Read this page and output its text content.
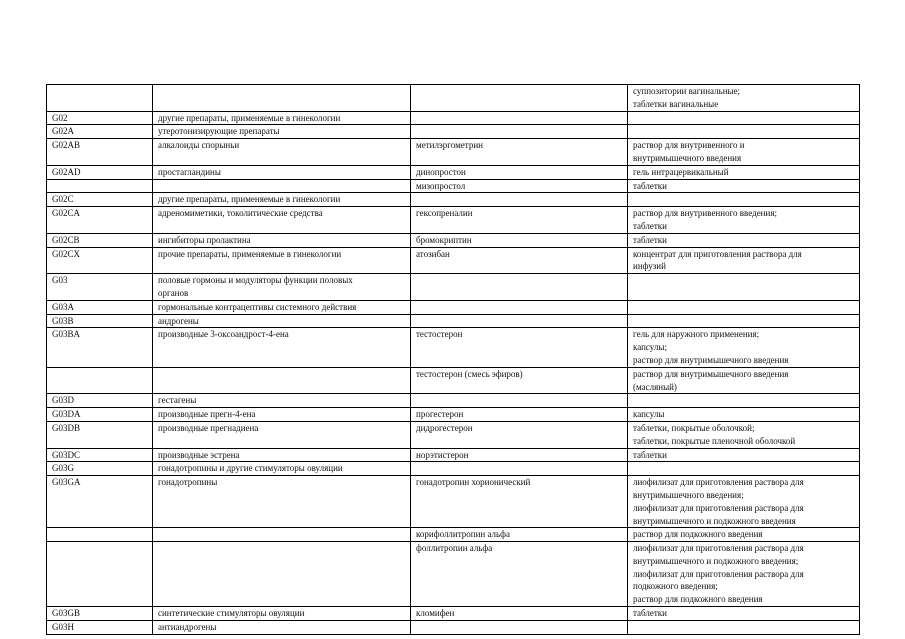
			суппозитории вагинальные;
таблетки вагинальные

G02	другие препараты, применяемые в гинекологии		
G02A	утеротонизирующие препараты		
G02AB	алкалоиды спорыньи	метилэргометрин	раствор для внутривенного и
внутримышечного введения

G02AD	простагландины	динопростон	гель интрацервикальный
		мизопростол	таблетки
G02C	другие препараты, применяемые в гинекологии		
G02CA	адреномиметики, токолитические средства	гексопреналин	раствор для внутривенного введения;
таблетки

G02CB	ингибиторы пролактина	бромокриптин	таблетки
G02CX	прочие препараты, применяемые в гинекологии	атозибан	концентрат для приготовления раствора для
инфузий

G03	половые гормоны и модуляторы функции половых
органов		

G03A	гормональные контрацептивы системного действия		
G03B	андрогены		
G03BA	производные 3-оксоандрост-4-ена	тестостерон	гель для наружного применения;
капсулы;
раствор для внутримышечного введения

		тестостерон (смесь эфиров)	раствор для внутримышечного введения
(масляный)

G03D	гестагены		
G03DA	производные прегн-4-ена	прогестерон	капсулы
G03DB	производные прегнадиена	дидрогестерон	таблетки, покрытые оболочкой;
таблетки, покрытые пленочной оболочкой

G03DC	производные эстрена	норэтистерон	таблетки
G03G	гонадотропины и другие стимуляторы овуляции		
G03GA	гонадотропины	гонадотропин хорионический	лиофилизат для приготовления раствора для
внутримышечного введения;
лиофилизат для приготовления раствора для
внутримышечного и подкожного введения

		корифоллитропин альфа	раствор для подкожного введения
		фоллитропин альфа	лиофилизат для приготовления раствора для
внутримышечного и подкожного введения;
лиофилизат для приготовления раствора для
подкожного введения;
раствор для подкожного введения

G03GB	синтетические стимуляторы овуляции	кломифен	таблетки
G03H	антиандрогены		
